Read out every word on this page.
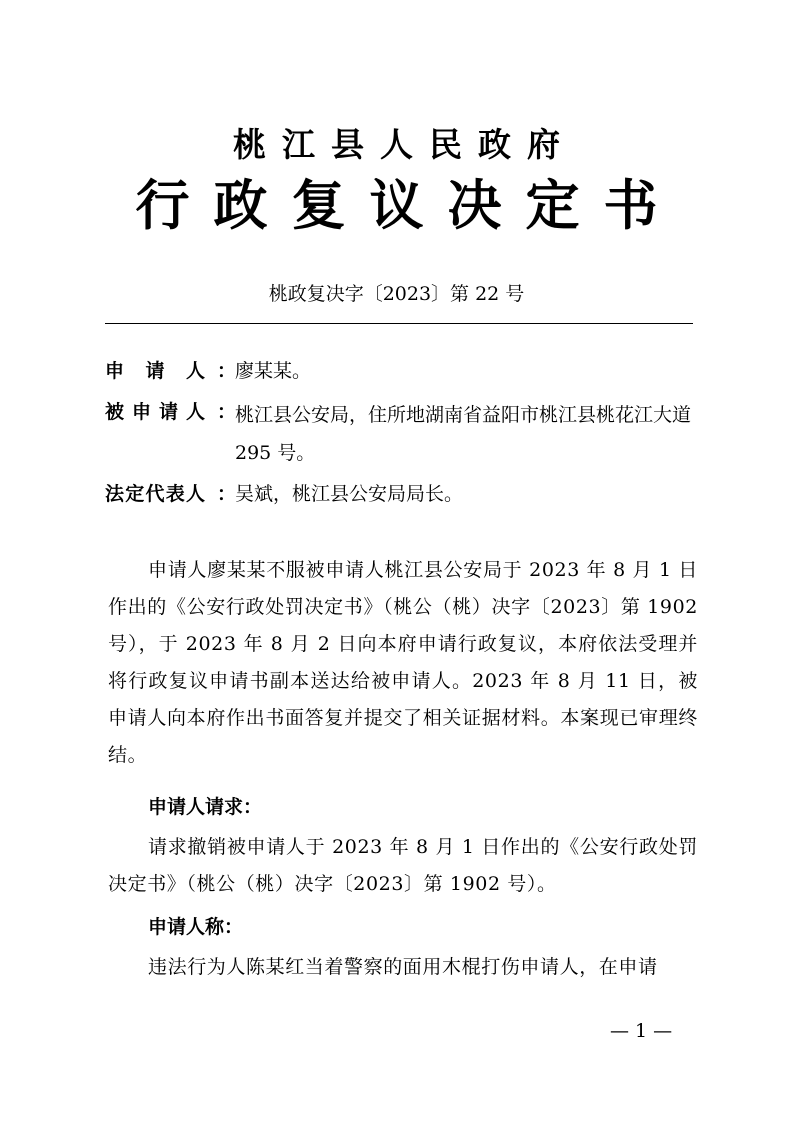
桃江县人民政府
行政复议决定书
桃政复决字〔2023〕第 22 号
申请人 ：
廖某某。
被申请人 ：
桃江县公安局，住所地湖南省益阳市桃江县桃花江大道 295 号。
法定代表人 ：
吴斌，桃江县公安局局长。
申请人廖某某不服被申请人桃江县公安局于 2023 年 8 月 1 日作出的《公安行政处罚决定书》（桃公（桃）决字〔2023〕第 1902 号），于 2023 年 8 月 2 日向本府申请行政复议，本府依法受理并将行政复议申请书副本送达给被申请人。2023 年 8 月 11 日，被申请人向本府作出书面答复并提交了相关证据材料。本案现已审理终结。
申请人请求：
请求撤销被申请人于 2023 年 8 月 1 日作出的《公安行政处罚决定书》（桃公（桃）决字〔2023〕第 1902 号）。
申请人称：
违法行为人陈某红当着警察的面用木棍打伤申请人，在申请
— 1 —
